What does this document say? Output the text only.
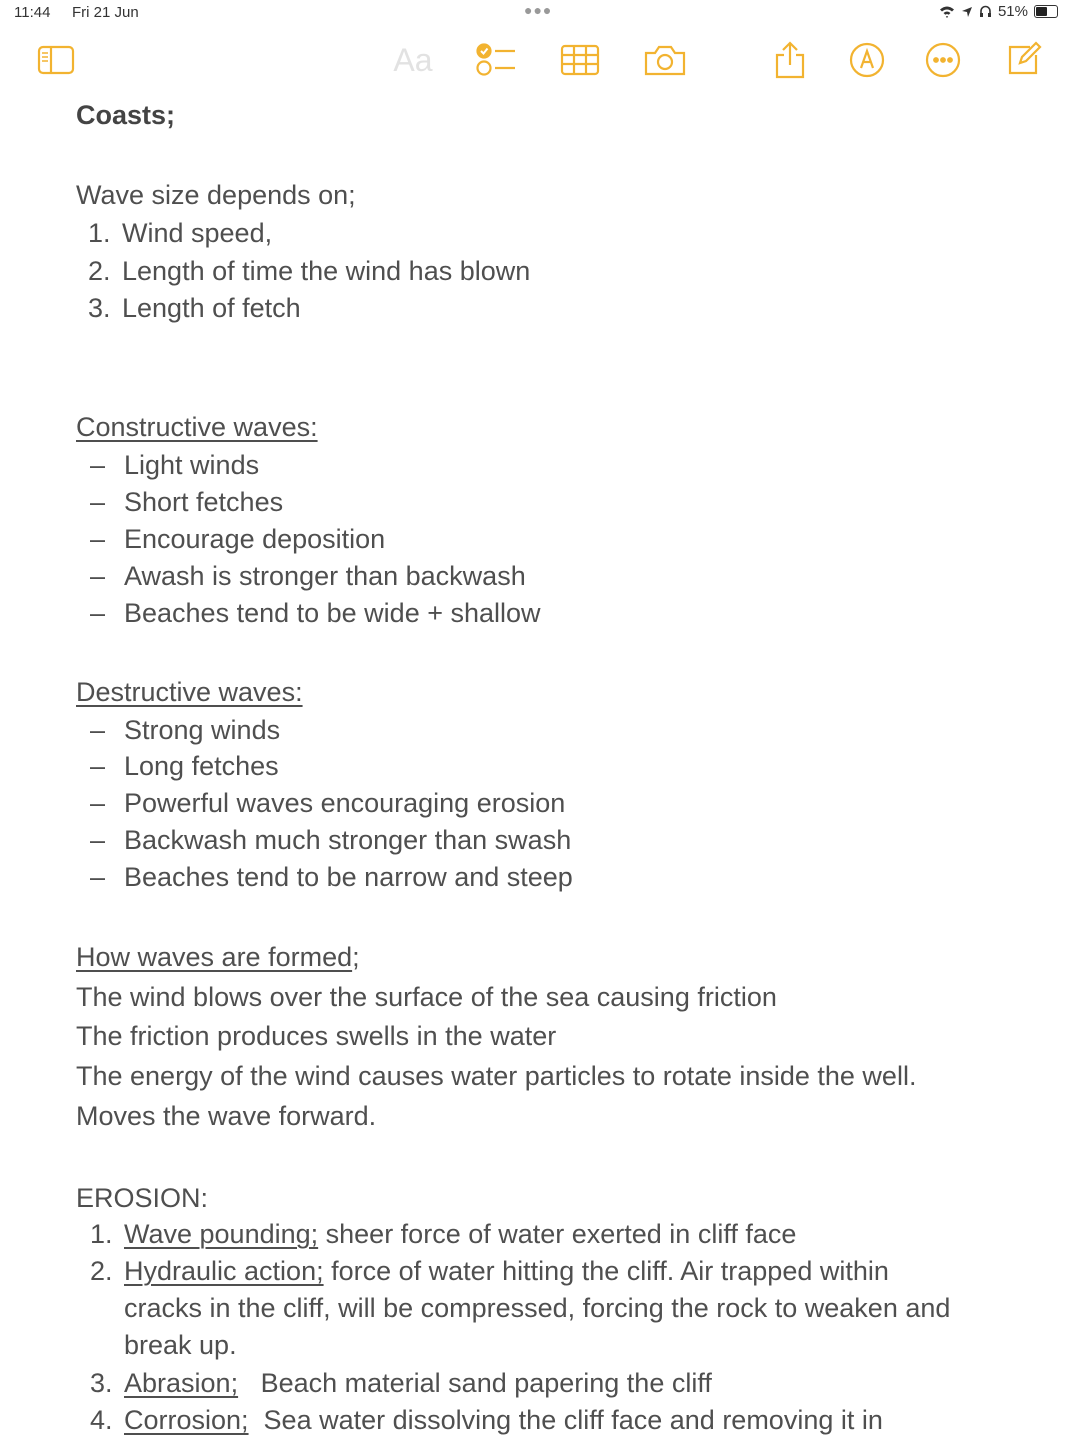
11:44 Fri 21 Jun	●●●	51%
Aa
Coasts;
Wave size depends on;
1. Wind speed,
2. Length of time the wind has blown
3. Length of fetch
Constructive waves:
– Light winds
– Short fetches
– Encourage deposition
– Awash is stronger than backwash
– Beaches tend to be wide + shallow
Destructive waves:
– Strong winds
– Long fetches
– Powerful waves encouraging erosion
– Backwash much stronger than swash
– Beaches tend to be narrow and steep
How waves are formed;
The wind blows over the surface of the sea causing friction
The friction produces swells in the water
The energy of the wind causes water particles to rotate inside the well.
Moves the wave forward.
EROSION:
1. Wave pounding; sheer force of water exerted in cliff face
2. Hydraulic action; force of water hitting the cliff. Air trapped within
cracks in the cliff, will be compressed, forcing the rock to weaken and
break up.
3. Abrasion;   Beach material sand papering the cliff
4. Corrosion;  Sea water dissolving the cliff face and removing it in
